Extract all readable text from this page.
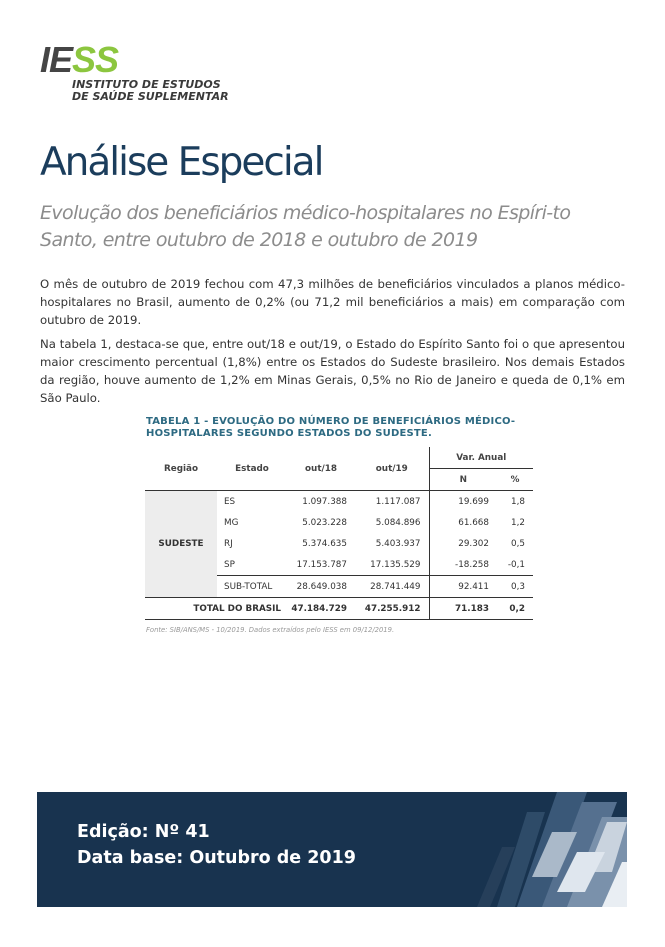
IESS
INSTITUTO DE ESTUDOS
DE SAÚDE SUPLEMENTAR
Análise Especial
Evolução dos beneficiários médico-hospitalares no Espíri-to Santo, entre outubro de 2018 e outubro de 2019

O mês de outubro de 2019 fechou com 47,3 milhões de beneficiários vinculados a planos médico-hospitalares no Brasil, aumento de 0,2% (ou 71,2 mil beneficiários a mais) em comparação com outubro de 2019.

Na tabela 1, destaca-se que, entre out/18 e out/19, o Estado do Espírito Santo foi o que apresentou maior crescimento percentual (1,8%) entre os Estados do Sudeste brasileiro. Nos demais Estados da região, houve aumento de 1,2% em Minas Gerais, 0,5% no Rio de Janeiro e queda de 0,1% em São Paulo.

TABELA 1 - EVOLUÇÃO DO NÚMERO DE BENEFICIÁRIOS MÉDICO-HOSPITALARES SEGUNDO ESTADOS DO SUDESTE.
Região	Estado	out/18	out/19	Var. Anual	
				N	%
SUDESTE	ES	1.097.388	1.117.087	19.699	1,8
	MG	5.023.228	5.084.896	61.668	1,2
	RJ	5.374.635	5.403.937	29.302	0,5
	SP	17.153.787	17.135.529	-18.258	-0,1
	SUB-TOTAL	28.649.038	28.741.449	92.411	0,3
TOTAL DO BRASIL		47.184.729	47.255.912	71.183	0,2
Fonte: SIB/ANS/MS - 10/2019. Dados extraídos pelo IESS em 09/12/2019.
Edição: Nº 41
Data base: Outubro de 2019
